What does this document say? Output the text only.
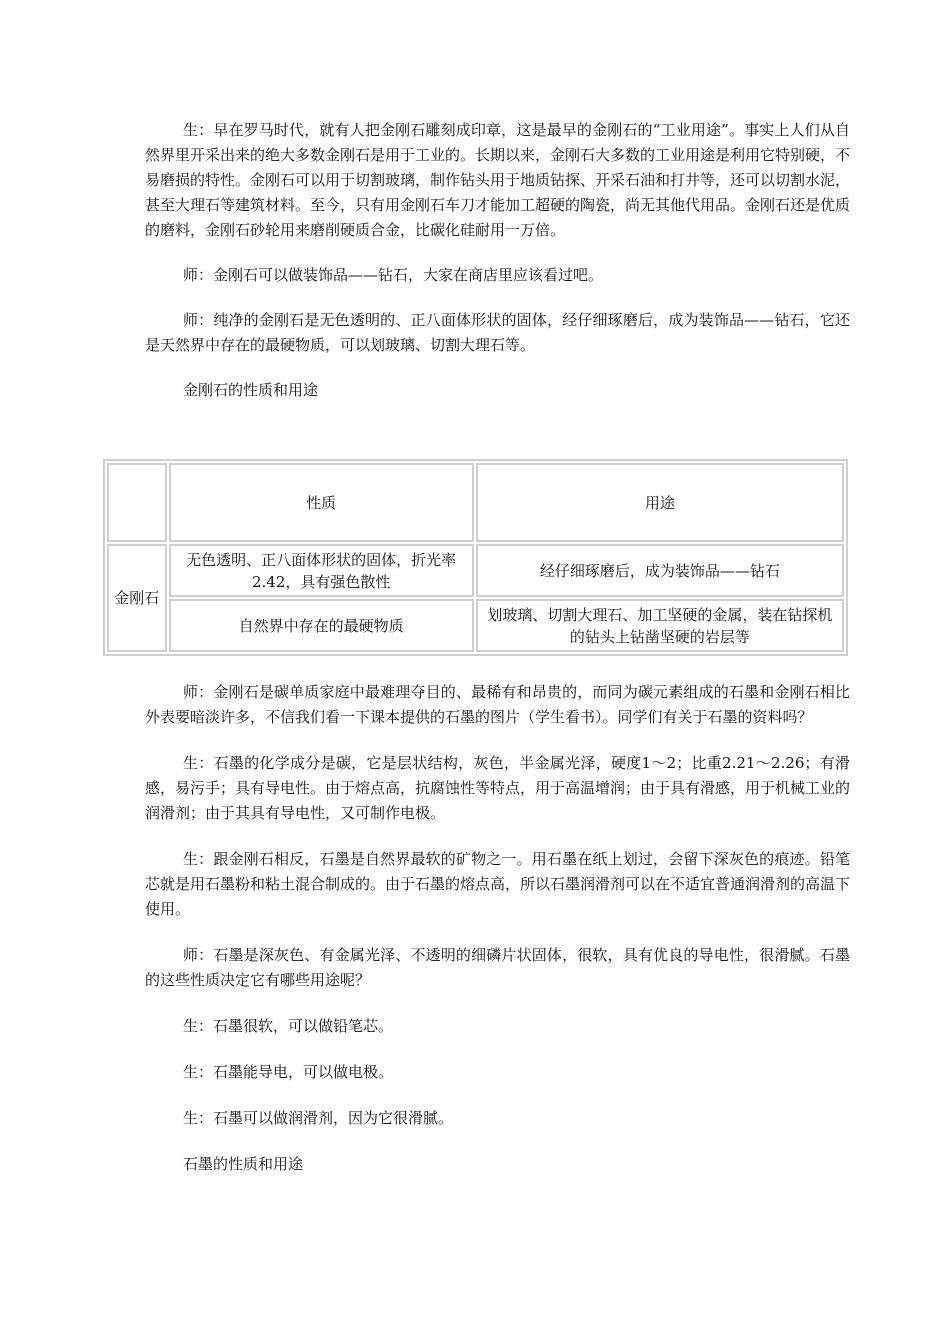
生：早在罗马时代，就有人把金刚石雕刻成印章，这是最早的金刚石的“工业用途”。事实上人们从自然界里开采出来的绝大多数金刚石是用于工业的。长期以来，金刚石大多数的工业用途是利用它特别硬，不易磨损的特性。金刚石可以用于切割玻璃，制作钻头用于地质钻探、开采石油和打井等，还可以切割水泥，甚至大理石等建筑材料。至今，只有用金刚石车刀才能加工超硬的陶瓷，尚无其他代用品。金刚石还是优质的磨料，金刚石砂轮用来磨削硬质合金，比碳化硅耐用一万倍。

师：金刚石可以做装饰品——钻石，大家在商店里应该看过吧。

师：纯净的金刚石是无色透明的、正八面体形状的固体，经仔细琢磨后，成为装饰品——钻石，它还是天然界中存在的最硬物质，可以划玻璃、切割大理石等。

金刚石的性质和用途

	性质	用途
金刚石	无色透明、正八面体形状的固体，折光率2.42，具有强色散性	经仔细琢磨后，成为装饰品——钻石
	自然界中存在的最硬物质	划玻璃、切割大理石、加工坚硬的金属，装在钻探机的钻头上钻凿坚硬的岩层等

师：金刚石是碳单质家庭中最难理夺目的、最稀有和昂贵的，而同为碳元素组成的石墨和金刚石相比外表要暗淡许多，不信我们看一下课本提供的石墨的图片（学生看书）。同学们有关于石墨的资料吗？

生：石墨的化学成分是碳，它是层状结构，灰色，半金属光泽，硬度1～2；比重2.21～2.26；有滑感，易污手；具有导电性。由于熔点高，抗腐蚀性等特点，用于高温增润；由于具有滑感，用于机械工业的润滑剂；由于其具有导电性，又可制作电极。

生：跟金刚石相反，石墨是自然界最软的矿物之一。用石墨在纸上划过，会留下深灰色的痕迹。铅笔芯就是用石墨粉和粘土混合制成的。由于石墨的熔点高，所以石墨润滑剂可以在不适宜普通润滑剂的高温下使用。

师：石墨是深灰色、有金属光泽、不透明的细磷片状固体，很软，具有优良的导电性，很滑腻。石墨的这些性质决定它有哪些用途呢？

生：石墨很软，可以做铅笔芯。

生：石墨能导电，可以做电极。

生：石墨可以做润滑剂，因为它很滑腻。

石墨的性质和用途
